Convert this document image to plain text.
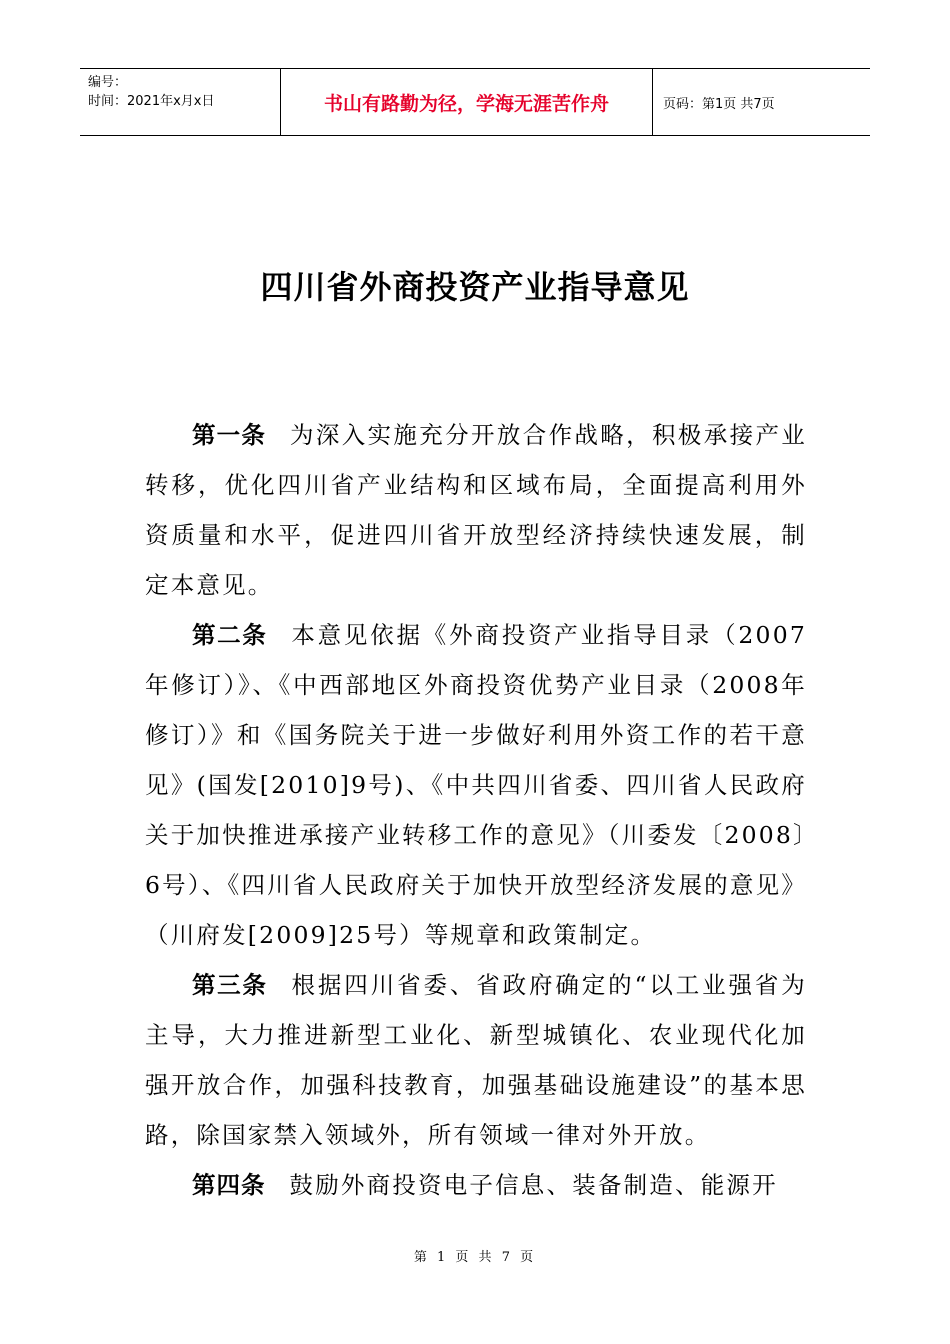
编号：
时间：2021年x月x日	书山有路勤为径，学海无涯苦作舟	页码：第1页 共7页
四川省外商投资产业指导意见

第一条 为深入实施充分开放合作战略，积极承接产业转移，优化四川省产业结构和区域布局，全面提高利用外资质量和水平，促进四川省开放型经济持续快速发展，制定本意见。

第二条 本意见依据《外商投资产业指导目录（2007年修订）》、《中西部地区外商投资优势产业目录（2008年修订）》和《国务院关于进一步做好利用外资工作的若干意见》(国发[2010]9号)、《中共四川省委、四川省人民政府关于加快推进承接产业转移工作的意见》（川委发〔2008〕6号）、《四川省人民政府关于加快开放型经济发展的意见》（川府发[2009]25号）等规章和政策制定。

第三条 根据四川省委、省政府确定的“以工业强省为主导，大力推进新型工业化、新型城镇化、农业现代化加强开放合作，加强科技教育，加强基础设施建设”的基本思路，除国家禁入领域外，所有领域一律对外开放。

第四条 鼓励外商投资电子信息、装备制造、能源开

第 1 页 共 7 页
